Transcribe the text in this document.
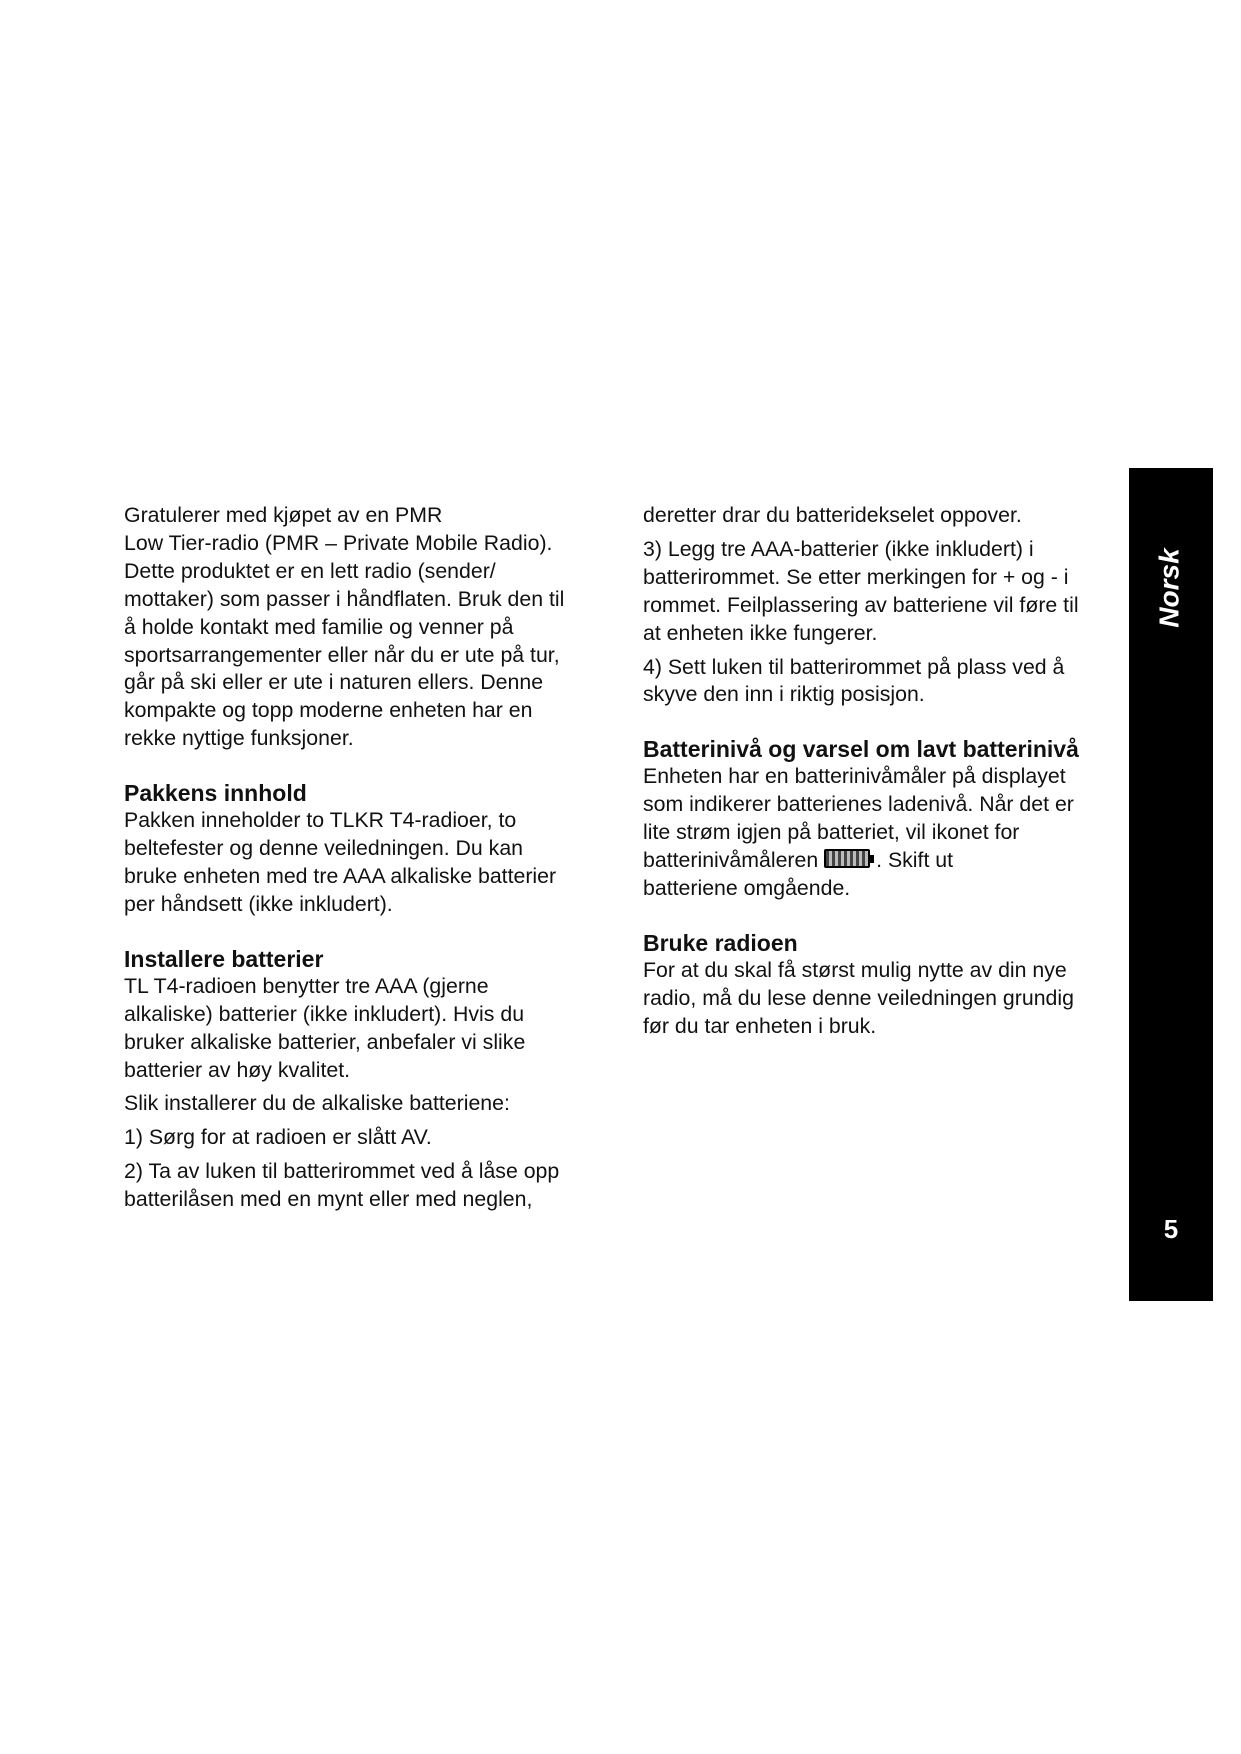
Gratulerer med kjøpet av en PMR
Low Tier-radio (PMR – Private Mobile Radio).
Dette produktet er en lett radio (sender/
mottaker) som passer i håndflaten. Bruk den til
å holde kontakt med familie og venner på
sportsarrangementer eller når du er ute på tur,
går på ski eller er ute i naturen ellers. Denne
kompakte og topp moderne enheten har en
rekke nyttige funksjoner.

Pakkens innhold

Pakken inneholder to TLKR T4-radioer, to
beltefester og denne veiledningen. Du kan
bruke enheten med tre AAA alkaliske batterier
per håndsett (ikke inkludert).

Installere batterier

TL T4-radioen benytter tre AAA (gjerne
alkaliske) batterier (ikke inkludert). Hvis du
bruker alkaliske batterier, anbefaler vi slike
batterier av høy kvalitet.

Slik installerer du de alkaliske batteriene:

1) Sørg for at radioen er slått AV.

2) Ta av luken til batterirommet ved å låse opp
batterilåsen med en mynt eller med neglen,

deretter drar du batteridekselet oppover.

3) Legg tre AAA-batterier (ikke inkludert) i
batterirommet. Se etter merkingen for + og - i
rommet. Feilplassering av batteriene vil føre til
at enheten ikke fungerer.

4) Sett luken til batterirommet på plass ved å
skyve den inn i riktig posisjon.

Batterinivå og varsel om lavt batterinivå

Enheten har en batterinivåmåler på displayet
som indikerer batterienes ladenivå. Når det er
lite strøm igjen på batteriet, vil ikonet for
batterinivåmåleren
. Skift ut
batteriene omgående.

Bruke radioen

For at du skal få størst mulig nytte av din nye
radio, må du lese denne veiledningen grundig
før du tar enheten i bruk.

Norsk
5
